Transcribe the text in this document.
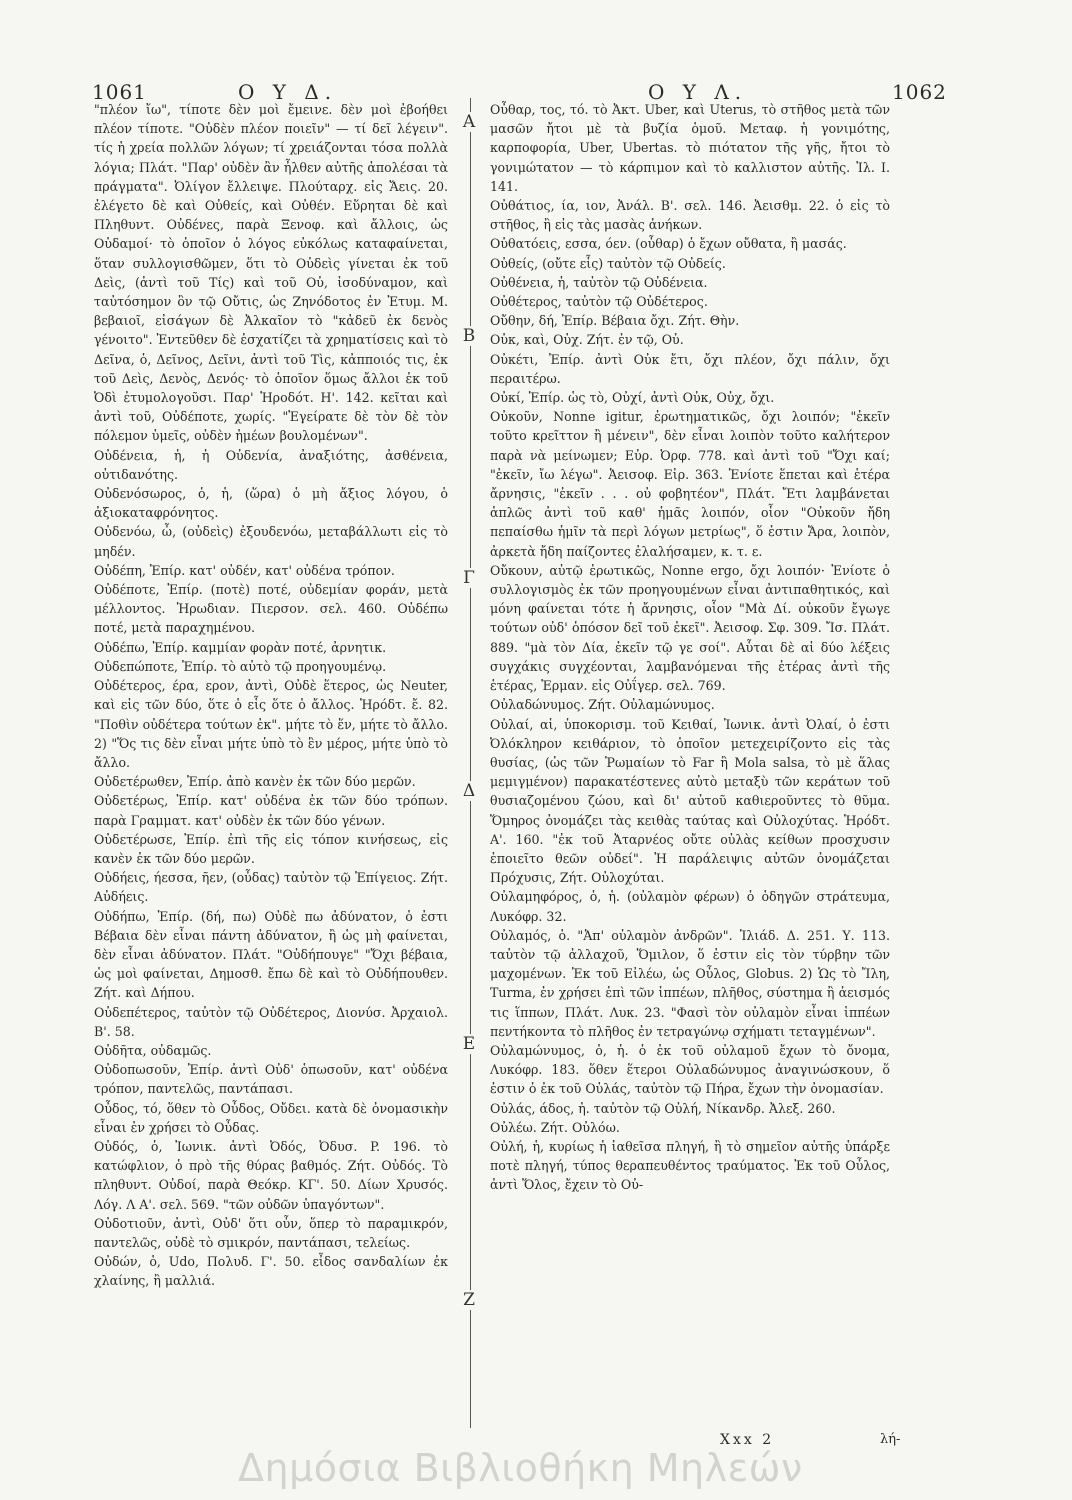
1061	Ο Υ Δ.	Ο Υ Λ.	1062

"πλέον ἴω", τίποτε δὲν μοὶ ἔμεινε. δὲν μοὶ ἐβοήθει πλέον τίποτε. "Οὐδὲν πλέον ποιεῖν" — τί δεῖ λέγειν". τίς ἡ χρεία πολλῶν λόγων; τί χρειάζονται τόσα πολλὰ λόγια; Πλάτ. "Παρ' οὐδὲν ἂν ἦλθεν αὐτῆς ἀπολέσαι τὰ πράγματα". Ὀλίγον ἔλλειψε. Πλούταρχ. εἰς Ἄεις. 20. ἐλέγετο δὲ καὶ Οὐθείς, καὶ Οὐθέν. Εὕρηται δὲ καὶ Πληθυντ. Οὐδένες, παρὰ Ξενοφ. καὶ ἄλλοις, ὡς Οὐδαμοί· τὸ ὁποῖον ὁ λόγος εὐκόλως καταφαίνεται, ὅταν συλλογισθῶμεν, ὅτι τὸ Οὐδεὶς γίνεται ἐκ τοῦ Δεὶς, (ἀντὶ τοῦ Τίς) καὶ τοῦ Οὐ, ἰσοδύναμον, καὶ ταὐτόσημον ὂν τῷ Οὔτις, ὡς Ζηνόδοτος ἐν Ἐτυμ. Μ. βεβαιοῖ, εἰσάγων δὲ Ἀλκαῖον τὸ "κἀδεῦ ἐκ δενὸς γένοιτο". Ἐντεῦθεν δὲ ἐσχατίζει τὰ χρηματίσεις καὶ τὸ Δεῖνα, ὁ, Δεῖνος, Δεῖνι, ἀντὶ τοῦ Τὶς, κἀπποιός τις, ἐκ τοῦ Δεὶς, Δενὸς, Δενός· τὸ ὁποῖον ὅμως ἄλλοι ἐκ τοῦ Ὀδὶ ἐτυμολογοῦσι. Παρ' Ἡροδότ. Η'. 142. κεῖται καὶ ἀντὶ τοῦ, Οὐδέποτε, χωρίς. "Ἐγείρατε δὲ τὸν δὲ τὸν πόλεμον ὑμεῖς, οὐδὲν ἡμέων βουλομένων".

Οὐδένεια, ἡ, ἡ Οὐδενία, ἀναξιότης, ἀσθένεια, οὐτιδανότης.

Οὐδενόσωρος, ὁ, ἡ, (ὥρα) ὁ μὴ ἄξιος λόγου, ὁ ἀξιοκαταφρόνητος.

Οὐδενόω, ὦ, (οὐδεὶς) ἐξουδενόω, μεταβάλλωτι εἰς τὸ μηδέν.

Οὐδέπη, Ἐπίρ. κατ' οὐδέν, κατ' οὐδένα τρόπον.

Οὐδέποτε, Ἐπίρ. (ποτὲ) ποτέ, οὐδεμίαν φοράν, μετὰ μέλλοντος. Ἡρωδιαν. Πιερσον. σελ. 460. Οὐδέπω ποτέ, μετὰ παραχημένου.

Οὐδέπω, Ἐπίρ. καμμίαν φορὰν ποτέ, ἀρνητικ.

Οὐδεπώποτε, Ἐπίρ. τὸ αὐτὸ τῷ προηγουμένῳ.

Οὐδέτερος, έρα, ερον, ἀντὶ, Οὐδὲ ἕτερος, ὡς Neuter, καὶ εἰς τῶν δύο, ὅτε ὁ εἷς ὅτε ὁ ἄλλος. Ἡρόδτ. ἔ. 82. "Ποθὶν οὐδέτερα τούτων ἐκ". μήτε τὸ ἕν, μήτε τὸ ἄλλο. 2) "Ὅς τις δὲν εἶναι μήτε ὑπὸ τὸ ἓν μέρος, μήτε ὑπὸ τὸ ἄλλο.

Οὐδετέρωθεν, Ἐπίρ. ἀπὸ κανὲν ἐκ τῶν δύο μερῶν.

Οὐδετέρως, Ἐπίρ. κατ' οὐδένα ἐκ τῶν δύο τρόπων. παρὰ Γραμματ. κατ' οὐδὲν ἐκ τῶν δύο γένων.

Οὐδετέρωσε, Ἐπίρ. ἐπὶ τῆς εἰς τόπον κινήσεως, εἰς κανὲν ἐκ τῶν δύο μερῶν.

Οὐδήεις, ήεσσα, ῆεν, (οὖδας) ταὐτὸν τῷ Ἐπίγειος. Ζήτ. Αὐδήεις.

Οὐδήπω, Ἐπίρ. (δή, πω) Οὐδὲ πω ἀδύνατον, ὁ ἐστι Βέβαια δὲν εἶναι πάντη ἀδύνατον, ἢ ὡς μὴ φαίνεται, δὲν εἶναι ἀδύνατον. Πλάτ. "Οὐδήπουγε" "Ὄχι βέβαια, ὡς μοὶ φαίνεται, Δημοσθ. ἔπω δὲ καὶ τὸ Οὐδήπουθεν. Ζήτ. καὶ Δήπου.

Οὐδεπέτερος, ταὐτὸν τῷ Οὐδέτερος, Διονύσ. Ἀρχαιολ. Β'. 58.

Οὐδῆτα, οὐδαμῶς.

Οὐδοπωσοῦν, Ἐπίρ. ἀντὶ Οὐδ' ὁπωσοῦν, κατ' οὐδένα τρόπον, παντελῶς, παντάπασι.

Οὖδος, τό, ὅθεν τὸ Οὖδος, Οὔδει. κατὰ δὲ ὀνομασικὴν εἶναι ἐν χρήσει τὸ Οὖδας.

Οὐδός, ὁ, Ἰωνικ. ἀντὶ Ὀδός, Ὀδυσ. P. 196. τὸ κατώφλιον, ὁ πρὸ τῆς θύρας βαθμός. Ζήτ. Οὐδός. Τὸ πληθυντ. Οὐδοί, παρὰ Θεόκρ. ΚΓ'. 50. Δίων Χρυσός. Λόγ. Λ Α'. σελ. 569. "τῶν οὐδῶν ὑπαγόντων".

Οὐδοτιοῦν, ἀντὶ, Οὐδ' ὅτι οὖν, ὅπερ τὸ παραμικρόν, παντελῶς, οὐδὲ τὸ σμικρόν, παντάπασι, τελείως.

Οὐδών, ὁ, Udo, Πολυδ. Γ'. 50. εἶδος σανδαλίων ἐκ χλαίνης, ἢ μαλλιά.

Οὖθαρ, τος, τό. τὸ Ἀκτ. Uber, καὶ Uterus, τὸ στῆθος μετὰ τῶν μασῶν ἤτοι μὲ τὰ βυζία ὁμοῦ. Μεταφ. ἡ γονιμότης, καρποφορία, Uber, Ubertas. τὸ πιότατον τῆς γῆς, ἤτοι τὸ γονιμώτατον — τὸ κάρπιμον καὶ τὸ καλλιστον αὐτῆς. Ἰλ. Ι. 141.

Οὐθάτιος, ία, ιον, Ἀνάλ. Β'. σελ. 146. Ἀεισθμ. 22. ὁ εἰς τὸ στῆθος, ἢ εἰς τὰς μασὰς ἀνήκων.

Οὐθατόεις, εσσα, όεν. (οὖθαρ) ὁ ἔχων οὔθατα, ἢ μασάς.

Οὐθείς, (οὔτε εἷς) ταὐτὸν τῷ Οὐδείς.

Οὐθένεια, ἡ, ταὐτὸν τῷ Οὐδένεια.

Οὐθέτερος, ταὐτὸν τῷ Οὐδέτερος.

Οὔθην, δή, Ἐπίρ. Βέβαια ὄχι. Ζήτ. Θὴν.

Οὐκ, καὶ, Οὐχ. Ζήτ. ἐν τῷ, Οὐ.

Οὐκέτι, Ἐπίρ. ἀντὶ Οὐκ ἔτι, ὄχι πλέον, ὄχι πάλιν, ὄχι περαιτέρω.

Οὐκί, Ἐπίρ. ὡς τὸ, Οὐχί, ἀντὶ Οὐκ, Οὐχ, ὄχι.

Οὐκοῦν, Nonne igitur, ἐρωτηματικῶς, ὄχι λοιπόν; "ἐκεῖν τοῦτο κρεῖττον ἢ μένειν", δὲν εἶναι λοιπὸν τοῦτο καλήτερον παρὰ νὰ μείνωμεν; Εὐρ. Ὀρφ. 778. καὶ ἀντὶ τοῦ "Ὄχι καί; "ἐκεῖν, ἴω λέγω". Ἀεισοφ. Εἰρ. 363. Ἐνίοτε ἕπεται καὶ ἑτέρα ἄρνησις, "ἐκεῖν . . . οὐ φοβητέον", Πλάτ. Ἔτι λαμβάνεται ἁπλῶς ἀντὶ τοῦ καθ' ἡμᾶς λοιπόν, οἷον "Οὐκοῦν ἤδη πεπαίσθω ἡμῖν τὰ περὶ λόγων μετρίως", ὅ ἐστιν Ἄρα, λοιπὸν, ἀρκετὰ ἤδη παίζοντες ἐλαλήσαμεν, κ. τ. ε.

Οὔκουν, αὐτῷ ἐρωτικῶς, Nonne ergo, ὄχι λοιπόν· Ἐνίοτε ὁ συλλογισμὸς ἐκ τῶν προηγουμένων εἶναι ἀντιπαθητικός, καὶ μόνη φαίνεται τότε ἡ ἄρνησις, οἷον "Μὰ Δί. οὐκοῦν ἔγωγε τούτων οὐδ' ὁπόσον δεῖ τοῦ ἐκεῖ". Ἀεισοφ. Σφ. 309. Ἴσ. Πλάτ. 889. "μὰ τὸν Δία, ἐκεῖν τῷ γε σοί". Αὗται δὲ αἱ δύο λέξεις συγχάκις συγχέονται, λαμβανόμεναι τῆς ἑτέρας ἀντὶ τῆς ἑτέρας, Ἑρμαν. εἰς Οὐΐγερ. σελ. 769.

Οὐλαδώνυμος. Ζήτ. Οὐλαμώνυμος.

Οὐλαί, αἱ, ὑποκορισμ. τοῦ Κειθαί, Ἰωνικ. ἀντὶ Ὀλαί, ὁ ἐστι Ὀλόκληρον κειθάριον, τὸ ὁποῖον μετεχειρίζοντο εἰς τὰς θυσίας, (ὡς τῶν Ῥωμαίων τὸ Far ἢ Mola salsa, τὸ μὲ ἅλας μεμιγμένον) παρακατέστενες αὐτὸ μεταξὺ τῶν κεράτων τοῦ θυσιαζομένου ζώου, καὶ δι' αὐτοῦ καθιεροῦντες τὸ θῦμα. Ὅμηρος ὀνομάζει τὰς κειθὰς ταύτας καὶ Οὐλοχύτας. Ἡρόδτ. Α'. 160. "ἐκ τοῦ Ἀταρνέος οὔτε οὐλὰς κείθων προσχυσιν ἐποιεῖτο θεῶν οὐδεί". Ἡ παράλειψις αὐτῶν ὀνομάζεται Πρόχυσις, Ζήτ. Οὐλοχύται.

Οὐλαμηφόρος, ὁ, ἡ. (οὐλαμὸν φέρων) ὁ ὁδηγῶν στράτευμα, Λυκόφρ. 32.

Οὐλαμός, ὁ. "Ἀπ' οὐλαμὸν ἀνδρῶν". Ἰλιάδ. Δ. 251. Υ. 113. ταὐτὸν τῷ ἀλλαχοῦ, Ὅμιλον, ὅ ἐστιν εἰς τὸν τύρβην τῶν μαχομένων. Ἐκ τοῦ Εἰλέω, ὡς Οὖλος, Globus. 2) Ὡς τὸ Ἴλη, Turma, ἐν χρήσει ἐπὶ τῶν ἱππέων, πλῆθος, σύστημα ἢ ἀεισμός τις ἵππων, Πλάτ. Λυκ. 23. "Φασὶ τὸν οὐλαμὸν εἶναι ἱππέων πεντήκοντα τὸ πλῆθος ἐν τετραγώνῳ σχήματι τεταγμένων".

Οὐλαμώνυμος, ὁ, ἡ. ὁ ἐκ τοῦ οὐλαμοῦ ἔχων τὸ ὄνομα, Λυκόφρ. 183. ὅθεν ἕτεροι Οὐλαδώνυμος ἀναγινώσκουν, ὅ ἐστιν ὁ ἐκ τοῦ Οὐλάς, ταὐτὸν τῷ Πήρα, ἔχων τὴν ὀνομασίαν.

Οὐλάς, άδος, ἡ. ταὐτὸν τῷ Οὐλή, Νίκανδρ. Ἀλεξ. 260.

Οὐλέω. Ζήτ. Οὐλόω.

Οὐλή, ἡ, κυρίως ἡ ἰαθεῖσα πληγή, ἢ τὸ σημεῖον αὐτῆς ὑπάρξε ποτὲ πληγή, τύπος θεραπευθέντος τραύματος. Ἐκ τοῦ Οὖλος, ἀντὶ Ὅλος, ἔχειν τὸ Οὐ-

Α
Β
Γ
Δ
Ε
Ζ
Xxx 2	λή-
Δημόσια Βιβλιοθήκη Μηλεών
